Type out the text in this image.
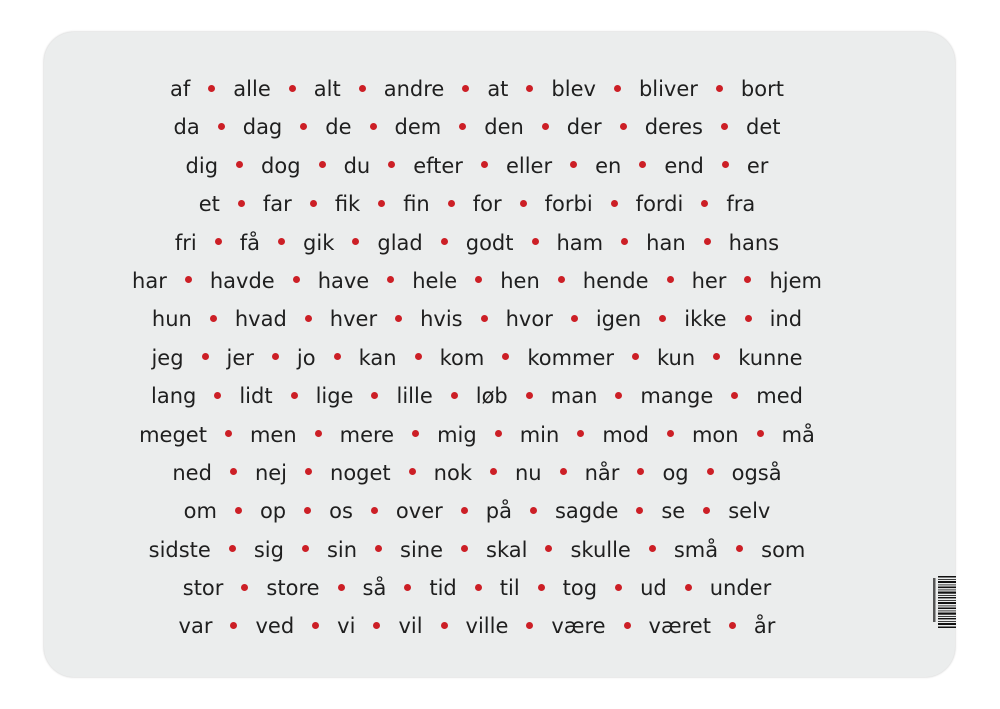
af alle alt andre at blev bliver bort
da dag de dem den der deres det
dig dog du efter eller en end er
et far fik fin for forbi fordi fra
fri få gik glad godt ham han hans
har havde have hele hen hende her hjem
hun hvad hver hvis hvor igen ikke ind
jeg jer jo kan kom kommer kun kunne
lang lidt lige lille løb man mange med
meget men mere mig min mod mon må
ned nej noget nok nu når og også
om op os over på sagde se selv
sidste sig sin sine skal skulle små som
stor store så tid til tog ud under
var ved vi vil ville være været år
